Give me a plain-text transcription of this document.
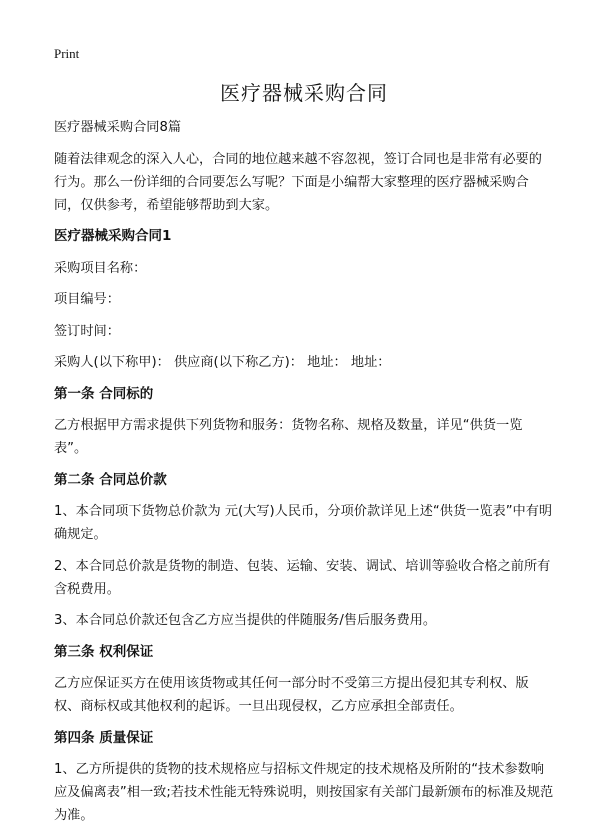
Print
医疗器械采购合同

医疗器械采购合同8篇

随着法律观念的深入人心，合同的地位越来越不容忽视，签订合同也是非常有必要的行为。那么一份详细的合同要怎么写呢？下面是小编帮大家整理的医疗器械采购合同，仅供参考，希望能够帮助到大家。

医疗器械采购合同1

采购项目名称：

项目编号：

签订时间：

采购人(以下称甲)： 供应商(以下称乙方)： 地址： 地址：

第一条 合同标的

乙方根据甲方需求提供下列货物和服务：货物名称、规格及数量，详见“供货一览表”。

第二条 合同总价款

1、本合同项下货物总价款为 元(大写)人民币，分项价款详见上述“供货一览表”中有明确规定。

2、本合同总价款是货物的制造、包装、运输、安装、调试、培训等验收合格之前所有含税费用。

3、本合同总价款还包含乙方应当提供的伴随服务/售后服务费用。

第三条 权利保证

乙方应保证买方在使用该货物或其任何一部分时不受第三方提出侵犯其专利权、版权、商标权或其他权利的起诉。一旦出现侵权，乙方应承担全部责任。

第四条 质量保证

1、乙方所提供的货物的技术规格应与招标文件规定的技术规格及所附的“技术参数响应及偏离表”相一致;若技术性能无特殊说明，则按国家有关部门最新颁布的标准及规范为准。
